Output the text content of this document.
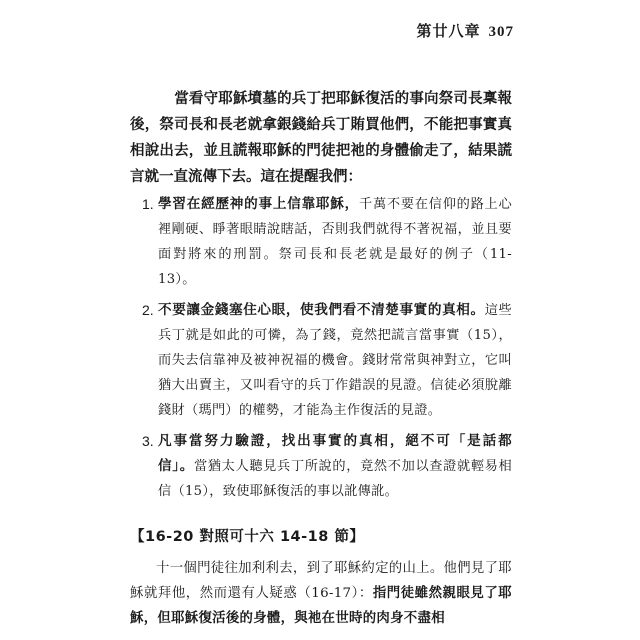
第廿八章 307

當看守耶穌墳墓的兵丁把耶穌復活的事向祭司長稟報後，祭司長和長老就拿銀錢給兵丁賄買他們，不能把事實真相說出去，並且謊報耶穌的門徒把祂的身體偷走了，結果謊言就一直流傳下去。這在提醒我們：

1. 學習在經歷神的事上信靠耶穌，千萬不要在信仰的路上心裡剛硬、睜著眼睛說瞎話，否則我們就得不著祝福，並且要面對將來的刑罰。祭司長和長老就是最好的例子（11-13）。
2. 不要讓金錢塞住心眼，使我們看不清楚事實的真相。這些兵丁就是如此的可憐，為了錢，竟然把謊言當事實（15），而失去信靠神及被神祝福的機會。錢財常常與神對立，它叫猶大出賣主，又叫看守的兵丁作錯誤的見證。信徒必須脫離錢財（瑪門）的權勢，才能為主作復活的見證。
3. 凡事當努力驗證，找出事實的真相，絕不可「是話都信」。當猶太人聽見兵丁所說的，竟然不加以查證就輕易相信（15），致使耶穌復活的事以訛傳訛。
【16-20 對照可十六 14-18 節】

十一個門徒往加利利去，到了耶穌約定的山上。他們見了耶穌就拜他，然而還有人疑惑（16-17）：指門徒雖然親眼見了耶穌，但耶穌復活後的身體，與祂在世時的肉身不盡相
